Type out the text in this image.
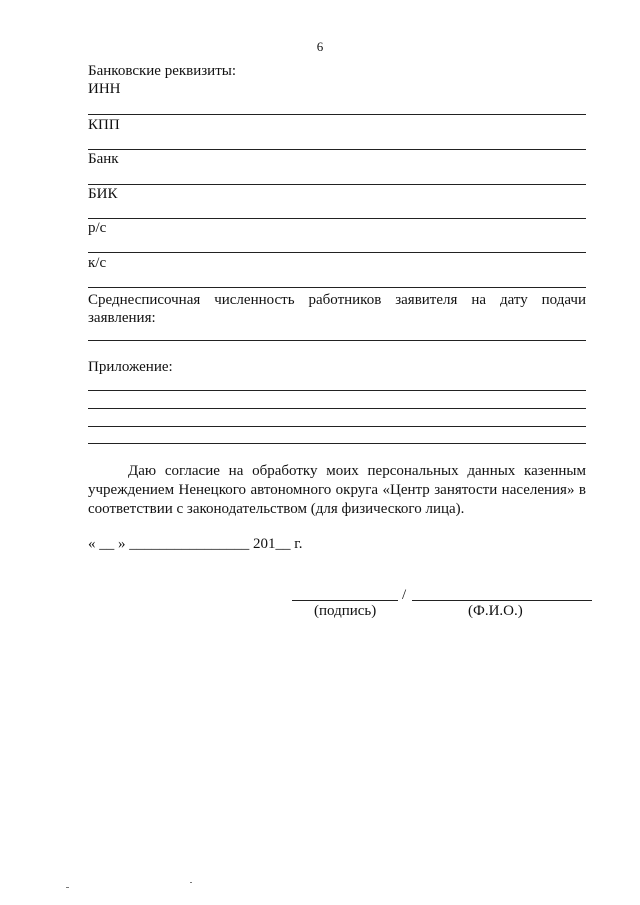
6
Банковские реквизиты:
ИНН
КПП
Банк
БИК
р/с
к/с
Среднесписочная численность работников заявителя на дату подачи
заявления:
Приложение:
Даю согласие на обработку моих персональных данных казенным
учреждением Ненецкого автономного округа «Центр занятости населения» в
соответствии с законодательством (для физического лица).
« __ » ________________ 201__ г.
/
(подпись)	(Ф.И.О.)
